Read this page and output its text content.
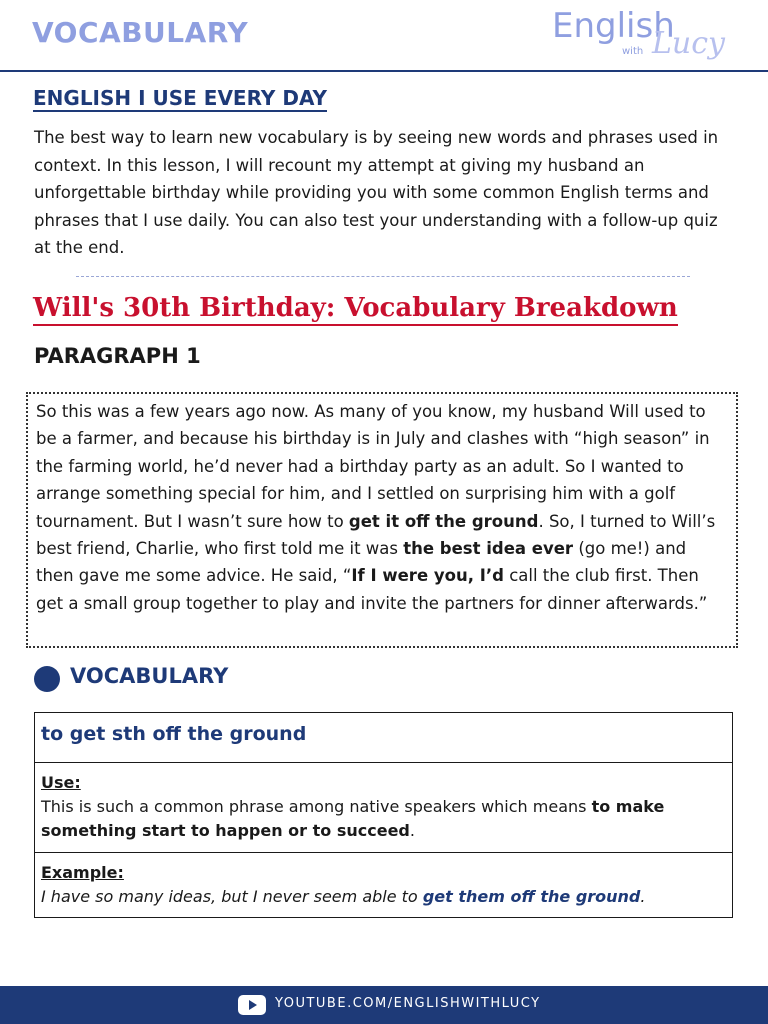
VOCABULARY	English
with Lucy
ENGLISH I USE EVERY DAY

The best way to learn new vocabulary is by seeing new words and phrases used in context. In this lesson, I will recount my attempt at giving my husband an unforgettable birthday while providing you with some common English terms and phrases that I use daily. You can also test your understanding with a follow-up quiz at the end.

Will's 30th Birthday: Vocabulary Breakdown
PARAGRAPH 1

So this was a few years ago now. As many of you know, my husband Will used to be a farmer, and because his birthday is in July and clashes with “high season” in the farming world, he’d never had a birthday party as an adult. So I wanted to arrange something special for him, and I settled on surprising him with a golf tournament. But I wasn’t sure how to get it off the ground. So, I turned to Will’s best friend, Charlie, who first told me it was the best idea ever (go me!) and then gave me some advice. He said, “If I were you, I’d call the club first. Then get a small group together to play and invite the partners for dinner afterwards.”

VOCABULARY
to get sth off the ground
Use:
This is such a common phrase among native speakers which means to make something start to happen or to succeed.
Example:
I have so many ideas, but I never seem able to get them off the ground.
YOUTUBE.COM/ENGLISHWITHLUCY
